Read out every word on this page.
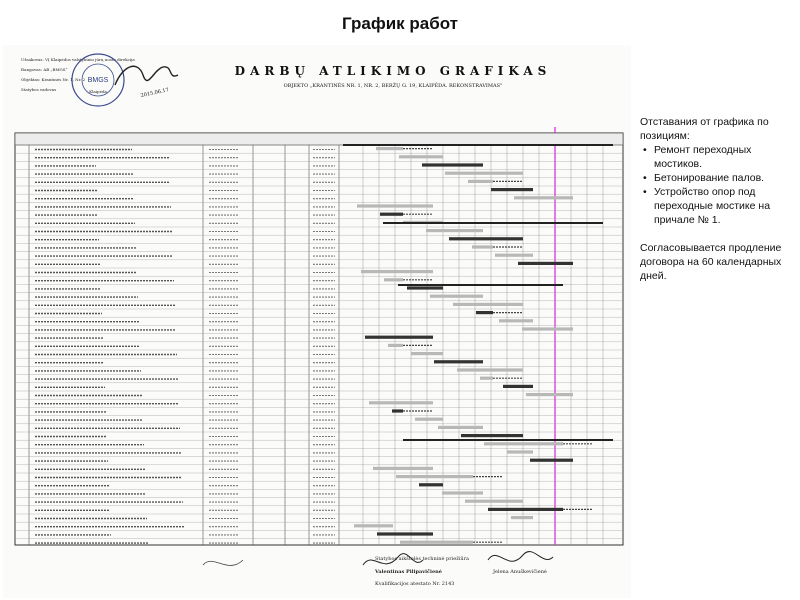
График работ
Užsakovas: VĮ Klaipėdos valstybinio jūrų uosto direkcija
Rangovas: AB „BMGS“
Objektas: Krantinės Nr. 1, Nr. 2
Statybos vadovas
BMGS
Klaipėda	2015.06.17
DARBŲ ATLIKIMO GRAFIKAS
OBJEKTO „KRANTINĖS NR. 1, NR. 2, BERŽŲ G. 19, KLAIPĖDA. REKONSTRAVIMAS"
Statybos aikštelės techninė priežiūra
Valentinas Pilipavičienė	Jelena Anuškevičienė
Kvalifikacijos atestato Nr. 2143

Отставания от графика по позициям:

• Ремонт переходных мостиков.
• Бетонирование палов.
• Устройство опор под переходные мостике на причале № 1.

Согласовывается продление договора на 60 календарных дней.
